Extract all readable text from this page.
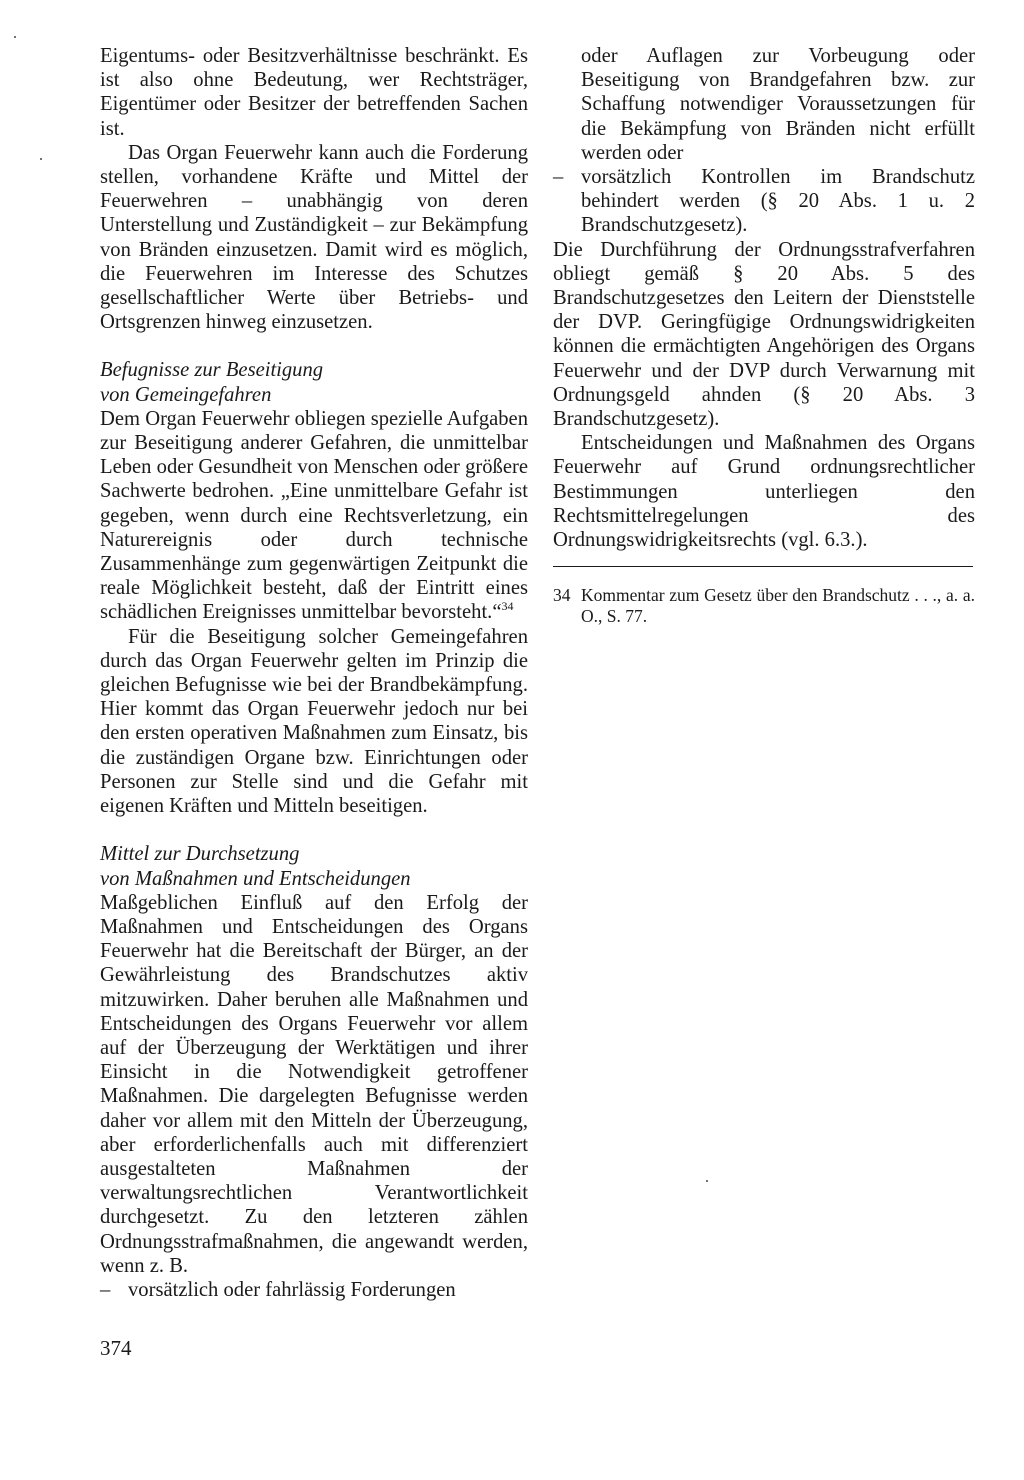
Eigentums- oder Besitzverhältnisse beschränkt. Es ist also ohne Bedeutung, wer Rechtsträger, Eigentümer oder Besitzer der betreffenden Sachen ist.

Das Organ Feuerwehr kann auch die Forderung stellen, vorhandene Kräfte und Mittel der Feuerwehren – unabhängig von deren Unterstellung und Zuständigkeit – zur Bekämpfung von Bränden einzusetzen. Damit wird es möglich, die Feuerwehren im Interesse des Schutzes gesellschaftlicher Werte über Betriebs- und Ortsgrenzen hinweg einzusetzen.

Befugnisse zur Beseitigung
von Gemeingefahren

Dem Organ Feuerwehr obliegen spezielle Aufgaben zur Beseitigung anderer Gefahren, die unmittelbar Leben oder Gesundheit von Menschen oder größere Sachwerte bedrohen. „Eine unmittelbare Gefahr ist gegeben, wenn durch eine Rechtsverletzung, ein Naturereignis oder durch technische Zusammenhänge zum gegenwärtigen Zeitpunkt die reale Möglichkeit besteht, daß der Eintritt eines schädlichen Ereignisses unmittelbar bevorsteht.“$^{34}$

Für die Beseitigung solcher Gemeingefahren durch das Organ Feuerwehr gelten im Prinzip die gleichen Befugnisse wie bei der Brandbekämpfung. Hier kommt das Organ Feuerwehr jedoch nur bei den ersten operativen Maßnahmen zum Einsatz, bis die zuständigen Organe bzw. Einrichtungen oder Personen zur Stelle sind und die Gefahr mit eigenen Kräften und Mitteln beseitigen.

Mittel zur Durchsetzung
von Maßnahmen und Entscheidungen

Maßgeblichen Einfluß auf den Erfolg der Maßnahmen und Entscheidungen des Organs Feuerwehr hat die Bereitschaft der Bürger, an der Gewährleistung des Brandschutzes aktiv mitzuwirken. Daher beruhen alle Maßnahmen und Entscheidungen des Organs Feuerwehr vor allem auf der Überzeugung der Werktätigen und ihrer Einsicht in die Notwendigkeit getroffener Maßnahmen. Die dargelegten Befugnisse werden daher vor allem mit den Mitteln der Überzeugung, aber erforderlichenfalls auch mit differenziert ausgestalteten Maßnahmen der verwaltungsrechtlichen Verantwortlichkeit durchgesetzt. Zu den letzteren zählen Ordnungsstrafmaßnahmen, die angewandt werden, wenn z. B.

– vorsätzlich oder fahrlässig Forderungen
oder Auflagen zur Vorbeugung oder Beseitigung von Brandgefahren bzw. zur Schaffung notwendiger Voraussetzungen für die Bekämpfung von Bränden nicht erfüllt werden oder
– vorsätzlich Kontrollen im Brandschutz behindert werden (§ 20 Abs. 1 u. 2 Brandschutzgesetz).

Die Durchführung der Ordnungsstrafverfahren obliegt gemäß § 20 Abs. 5 des Brandschutzgesetzes den Leitern der Dienststelle der DVP. Geringfügige Ordnungswidrigkeiten können die ermächtigten Angehörigen des Organs Feuerwehr und der DVP durch Verwarnung mit Ordnungsgeld ahnden (§ 20 Abs. 3 Brandschutzgesetz).

Entscheidungen und Maßnahmen des Organs Feuerwehr auf Grund ordnungsrechtlicher Bestimmungen unterliegen den Rechtsmittelregelungen des Ordnungswidrigkeitsrechts (vgl. 6.3.).

34 Kommentar zum Gesetz über den Brandschutz . . ., a. a. O., S. 77.
374
